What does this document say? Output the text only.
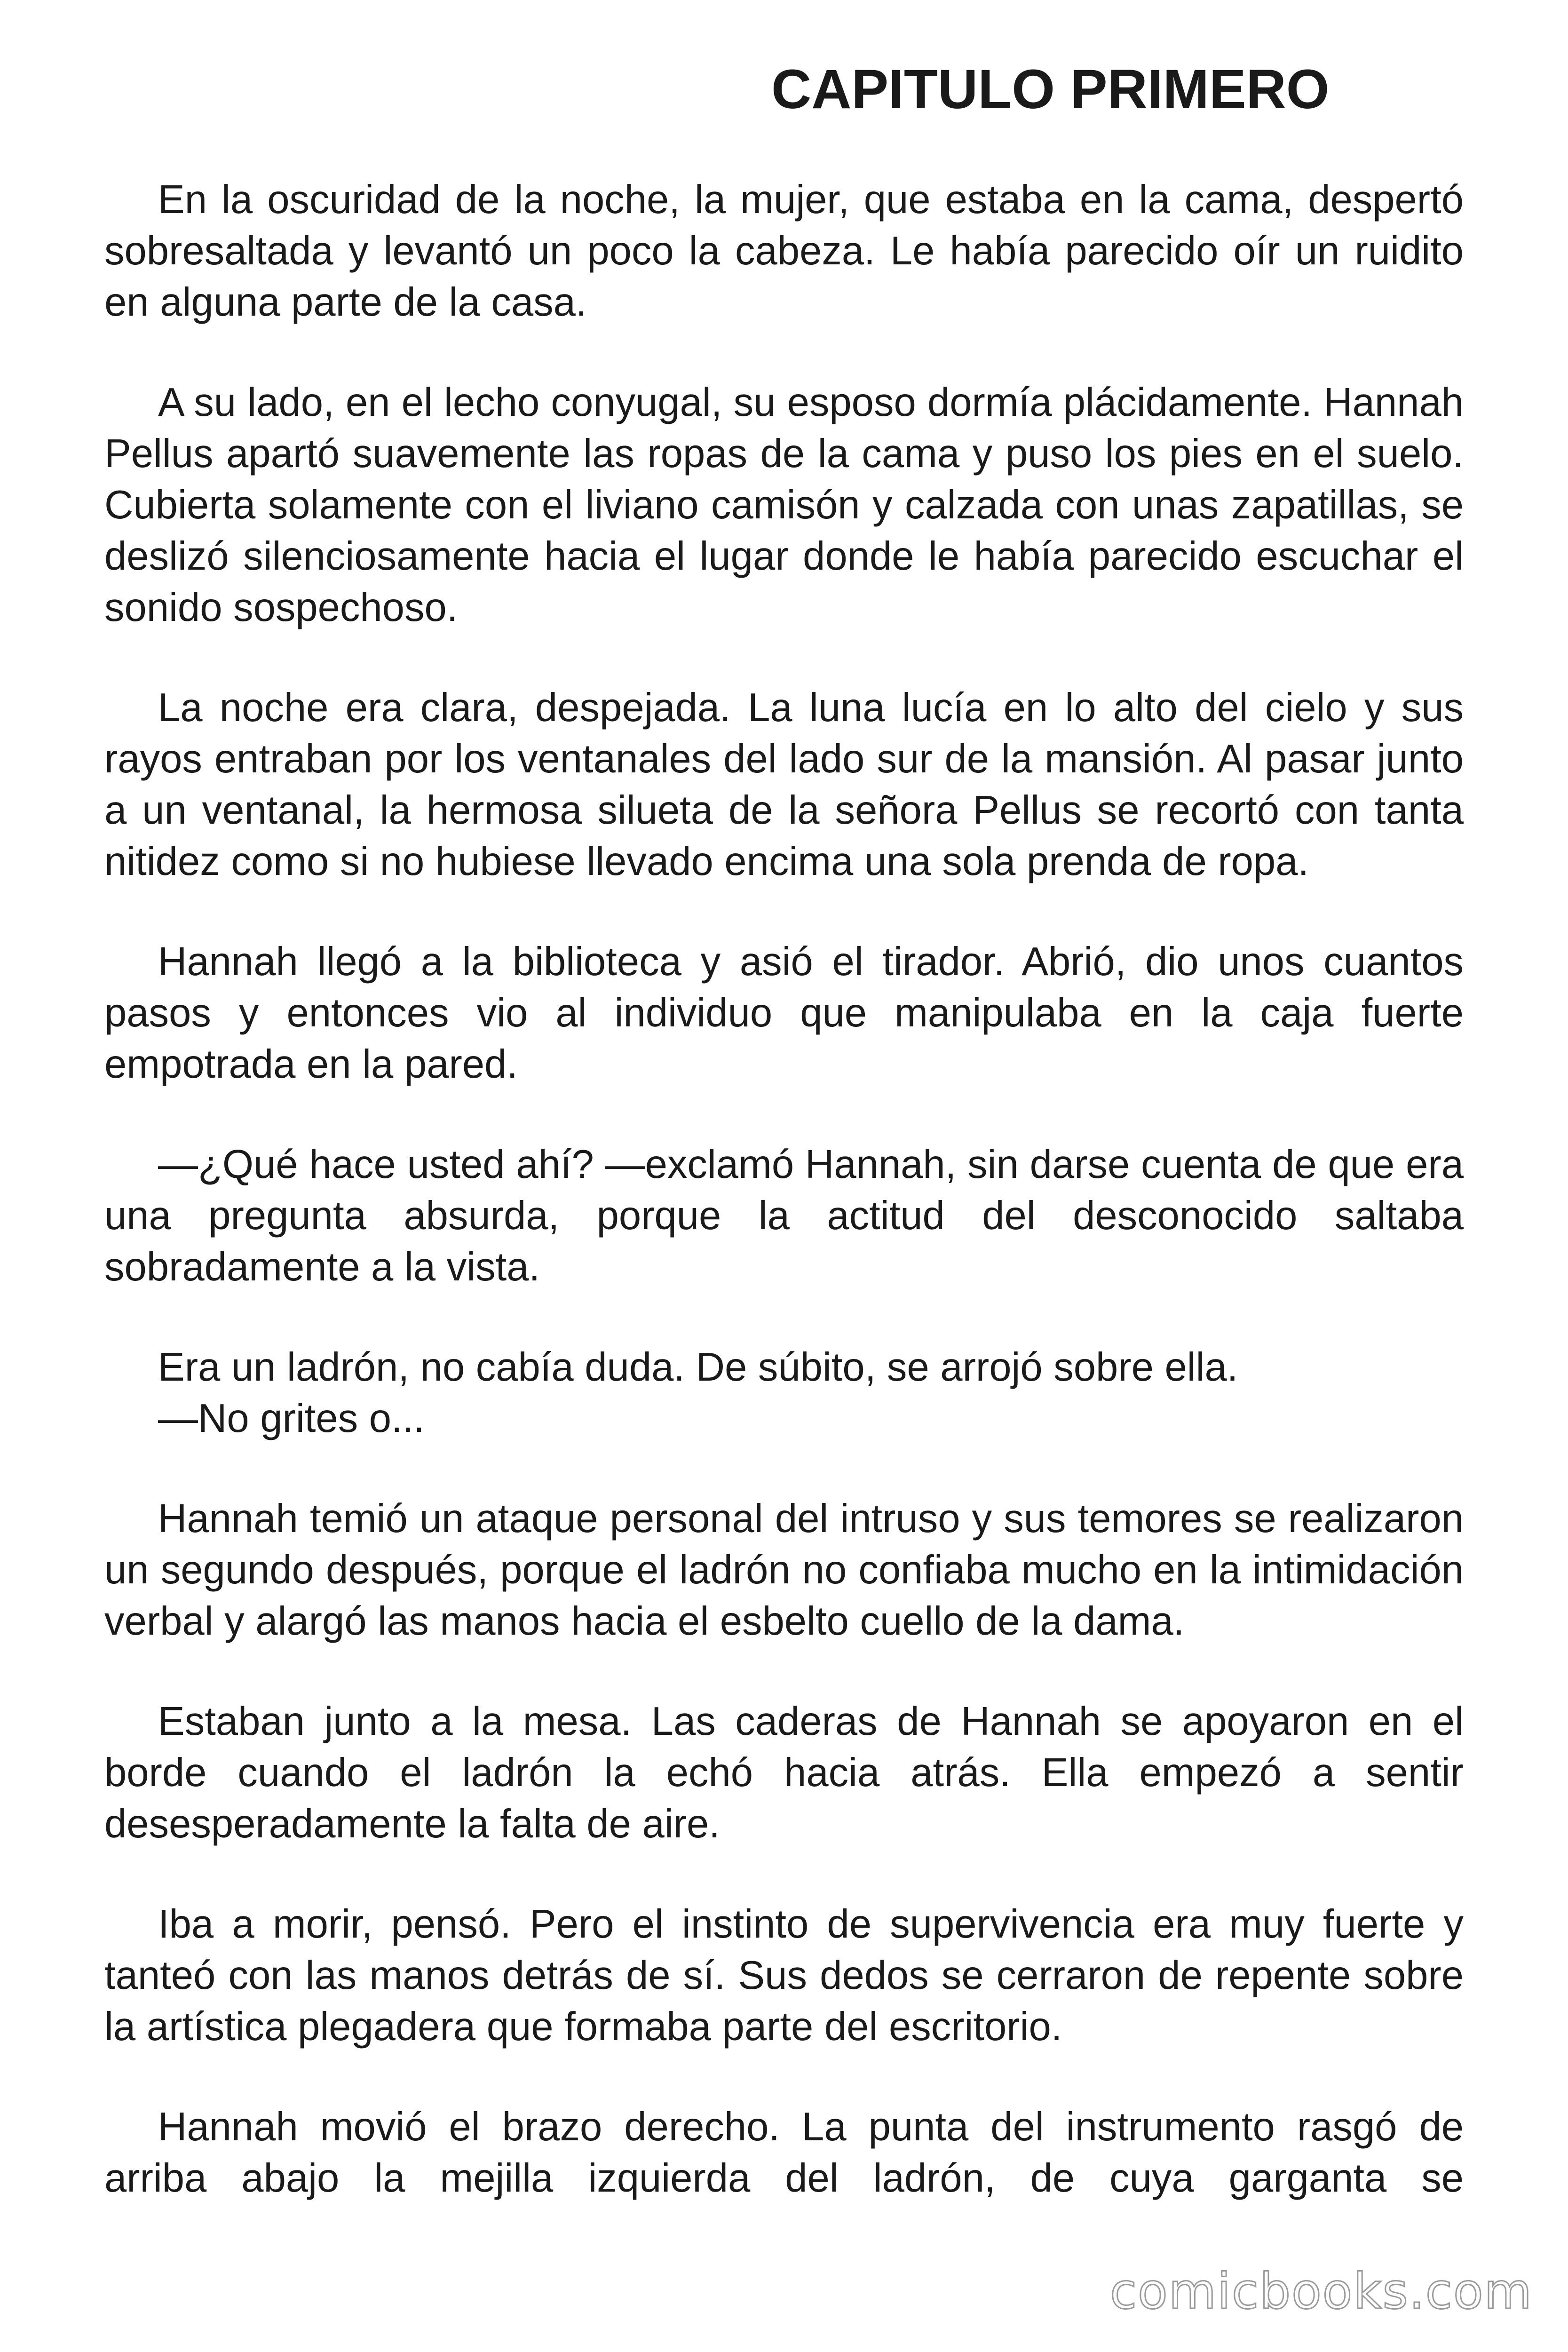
CAPITULO PRIMERO

En la oscuridad de la noche, la mujer, que estaba en la cama, despertó sobresaltada y levantó un poco la cabeza. Le había parecido oír un ruidito en alguna parte de la casa.

A su lado, en el lecho conyugal, su esposo dormía plácidamente. Hannah Pellus apartó suavemente las ropas de la cama y puso los pies en el suelo. Cubierta solamente con el liviano camisón y calzada con unas zapatillas, se deslizó silenciosamente hacia el lugar donde le había parecido escuchar el sonido sospechoso.

La noche era clara, despejada. La luna lucía en lo alto del cielo y sus rayos entraban por los ventanales del lado sur de la mansión. Al pasar junto a un ventanal, la hermosa silueta de la señora Pellus se recortó con tanta nitidez como si no hubiese llevado encima una sola prenda de ropa.

Hannah llegó a la biblioteca y asió el tirador. Abrió, dio unos cuantos pasos y entonces vio al individuo que manipulaba en la caja fuerte empotrada en la pared.

—¿Qué hace usted ahí? —exclamó Hannah, sin darse cuenta de que era una pregunta absurda, porque la actitud del desconocido saltaba sobradamente a la vista.

Era un ladrón, no cabía duda. De súbito, se arrojó sobre ella.

—No grites o...

Hannah temió un ataque personal del intruso y sus temores se realizaron un segundo después, porque el ladrón no confiaba mucho en la intimidación verbal y alargó las manos hacia el esbelto cuello de la dama.

Estaban junto a la mesa. Las caderas de Hannah se apoyaron en el borde cuando el ladrón la echó hacia atrás. Ella empezó a sentir desesperadamente la falta de aire.

Iba a morir, pensó. Pero el instinto de supervivencia era muy fuerte y tanteó con las manos detrás de sí. Sus dedos se cerraron de repente sobre la artística plegadera que formaba parte del escritorio.

Hannah movió el brazo derecho. La punta del instrumento rasgó de arriba abajo la mejilla izquierda del ladrón, de cuya garganta se

comicbooks.com
